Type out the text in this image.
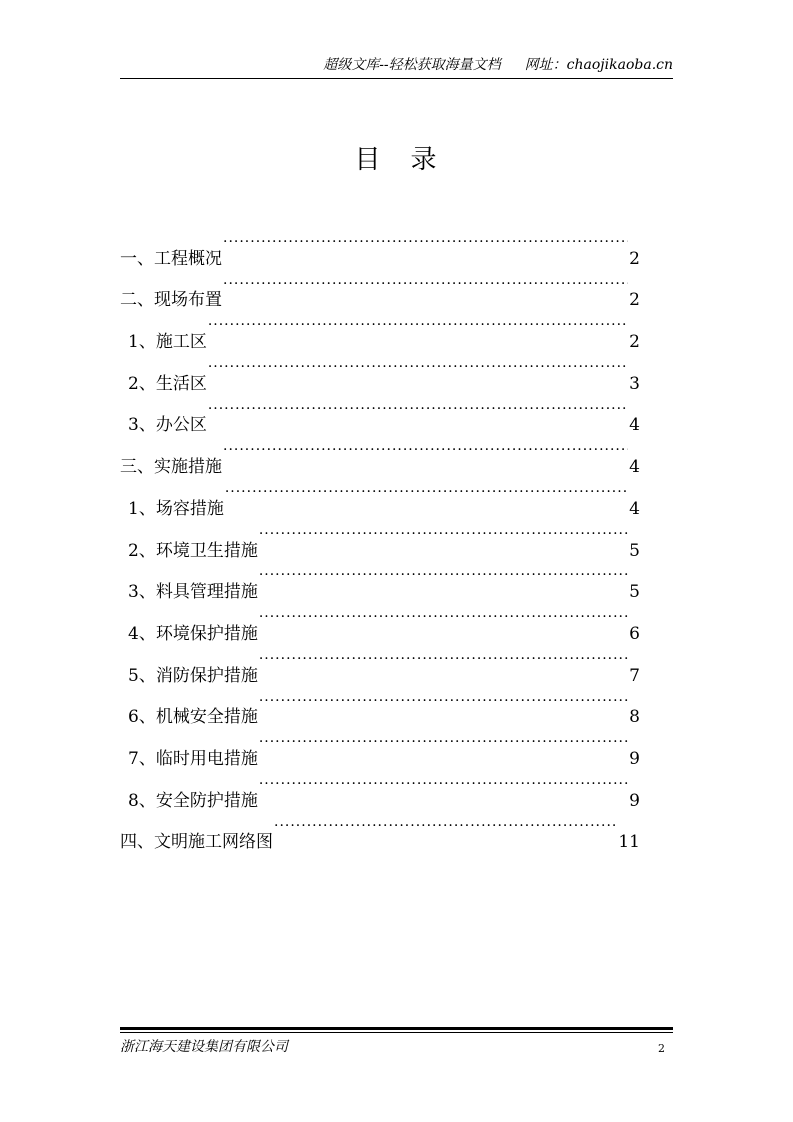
超级文库--轻松获取海量文档 网址：chaojikaoba.cn
目 录
一、工程概况 ·····	2
二、现场布置 ·····	2
1、施工区 ·····	2
2、生活区 ·····	3
3、办公区 ·····	4
三、实施措施 ·····	4
1、场容措施 ·····	4
2、环境卫生措施 ·····	5
3、料具管理措施 ·····	5
4、环境保护措施 ·····	6
5、消防保护措施 ·····	7
6、机械安全措施 ·····	8
7、临时用电措施 ·····	9
8、安全防护措施 ·····	9
四、文明施工网络图 ·····	11
浙江海天建设集团有限公司	2
